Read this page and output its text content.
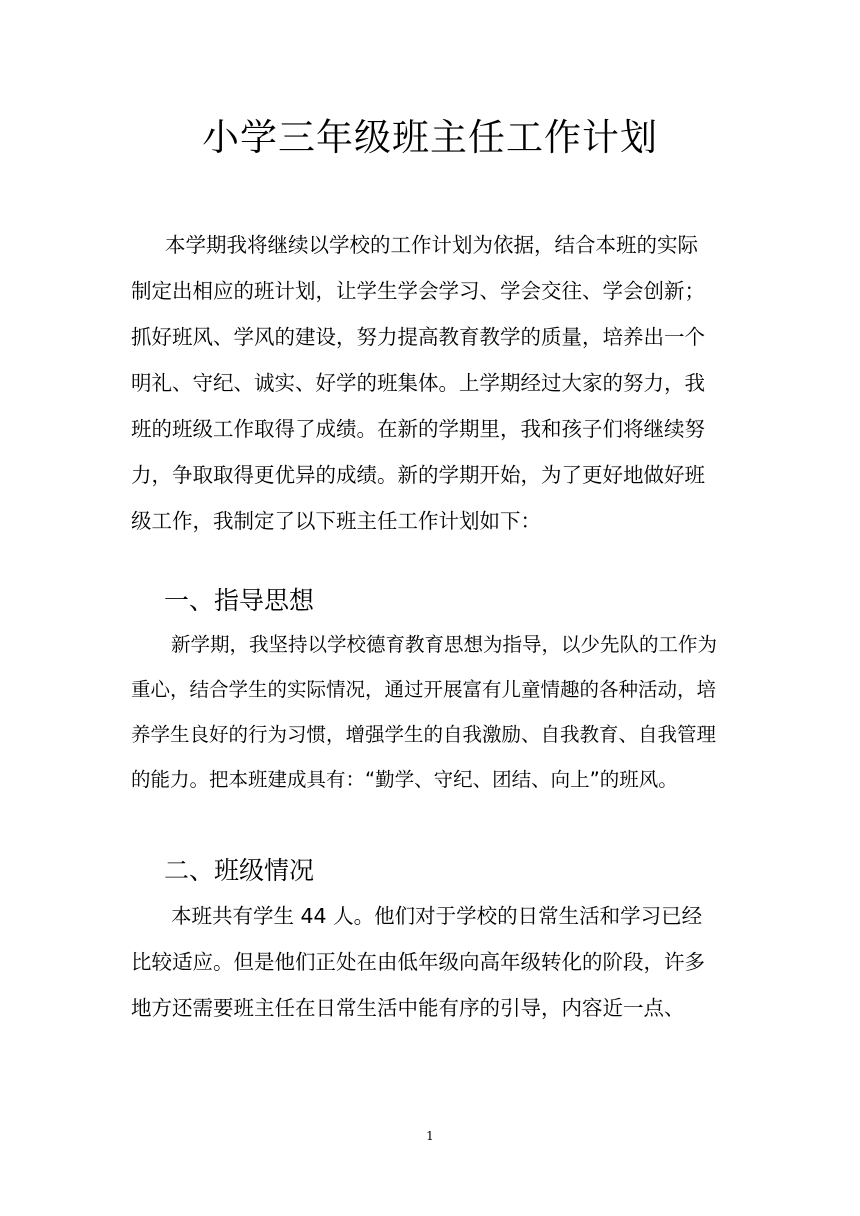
小学三年级班主任工作计划

本学期我将继续以学校的工作计划为依据，结合本班的实际
制定出相应的班计划，让学生学会学习、学会交往、学会创新；
抓好班风、学风的建设，努力提高教育教学的质量，培养出一个
明礼、守纪、诚实、好学的班集体。上学期经过大家的努力，我
班的班级工作取得了成绩。在新的学期里，我和孩子们将继续努
力，争取取得更优异的成绩。新的学期开始，为了更好地做好班
级工作，我制定了以下班主任工作计划如下：

一、指导思想

新学期，我坚持以学校德育教育思想为指导，以少先队的工作为
重心，结合学生的实际情况，通过开展富有儿童情趣的各种活动，培
养学生良好的行为习惯，增强学生的自我激励、自我教育、自我管理
的能力。把本班建成具有：“勤学、守纪、团结、向上”的班风。

二、班级情况

本班共有学生 44 人。他们对于学校的日常生活和学习已经
比较适应。但是他们正处在由低年级向高年级转化的阶段，许多
地方还需要班主任在日常生活中能有序的引导，内容近一点、

1
